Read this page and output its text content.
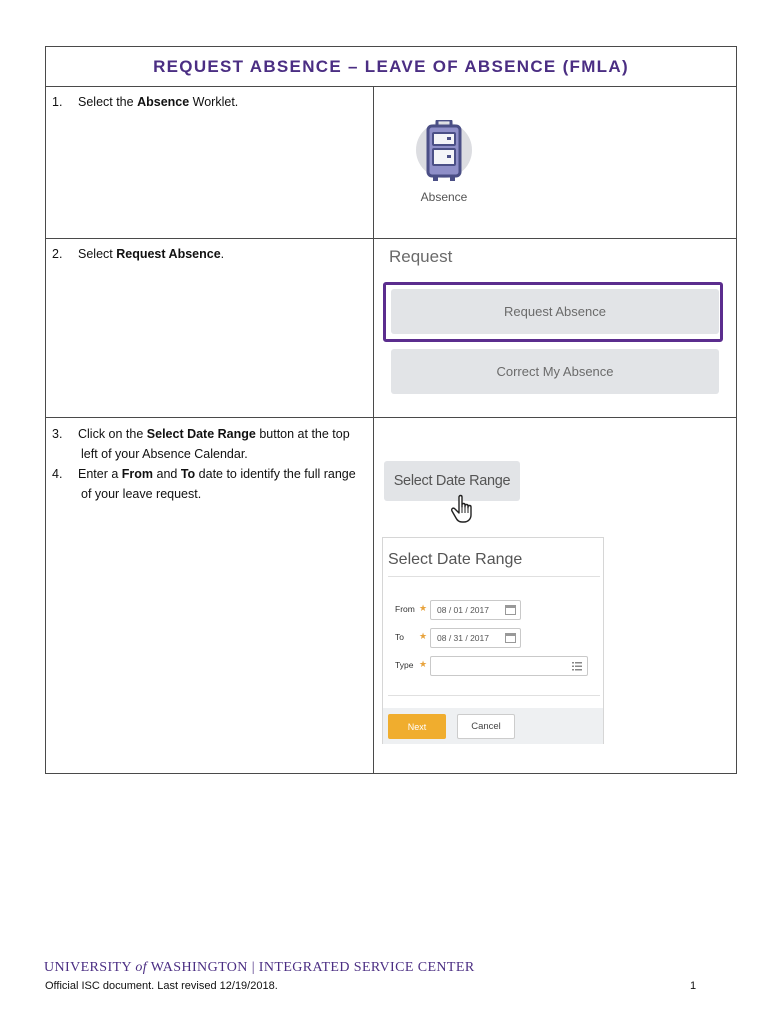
REQUEST ABSENCE – LEAVE OF ABSENCE (FMLA)
1. Select the Absence Worklet.
2. Select Request Absence.
3. Click on the Select Date Range button at the top
left of your Absence Calendar.
4. Enter a From and To date to identify the full range
of your leave request.
Absence
Request
Request Absence
Correct My Absence
Select Date Range
Select Date Range
From ★ 08 / 01 / 2017
To ★ 08 / 31 / 2017
Type ★
Next	Cancel
UNIVERSITY of WASHINGTON | INTEGRATED SERVICE CENTER
Official ISC document. Last revised 12/19/2018.	1
